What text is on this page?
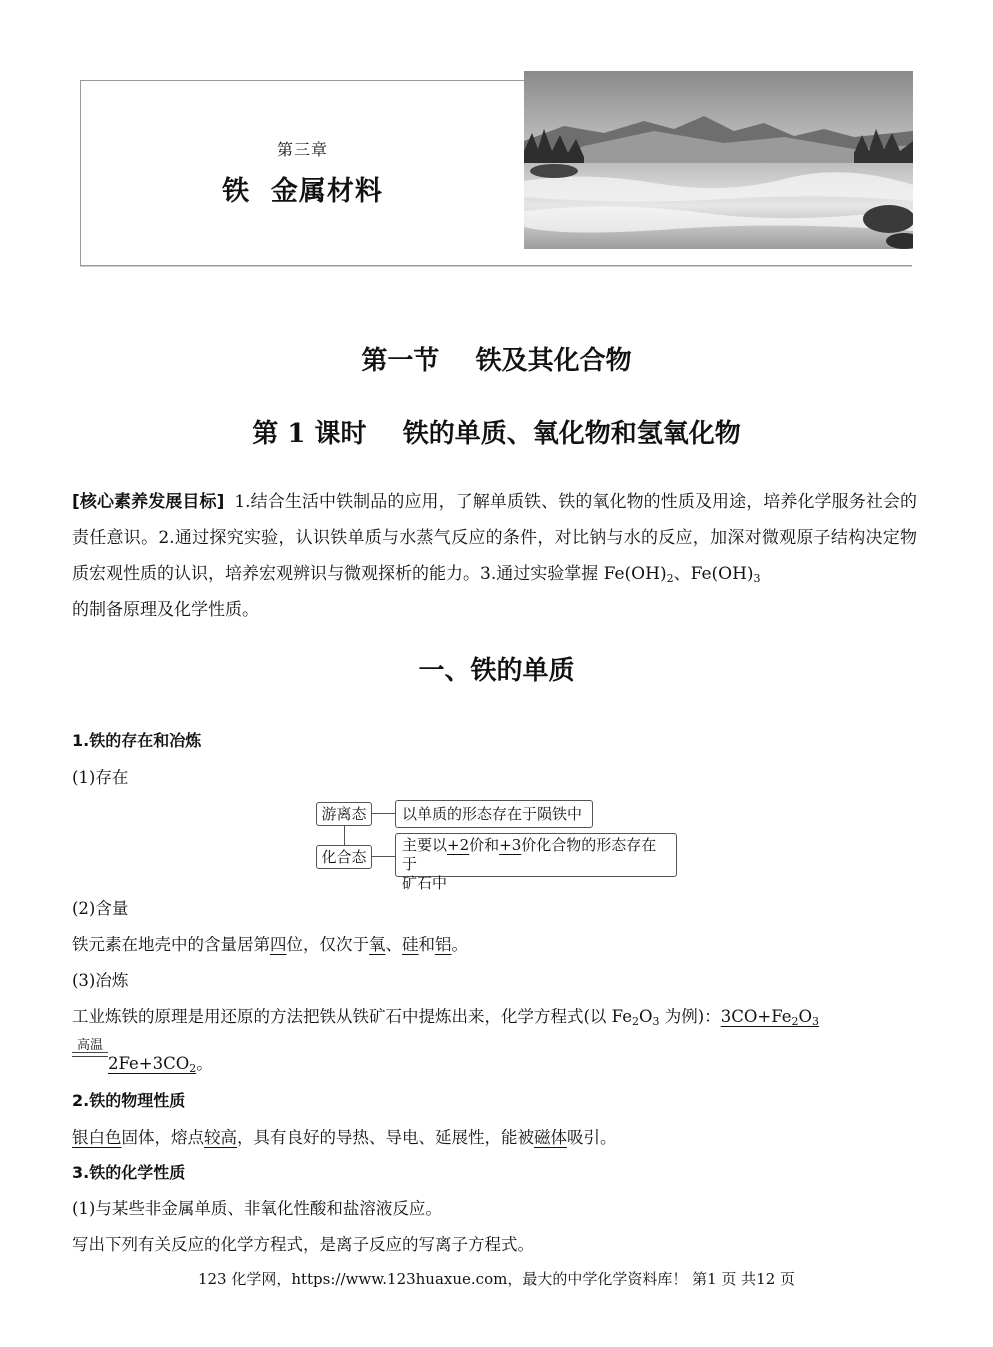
第三章
铁  金属材料
第一节    铁及其化合物
第 1 课时    铁的单质、氧化物和氢氧化物
[核心素养发展目标] 1.结合生活中铁制品的应用，了解单质铁、铁的氧化物的性质及用途，培养化学服务社会的责任意识。2.通过探究实验，认识铁单质与水蒸气反应的条件，对比钠与水的反应，加深对微观原子结构决定物质宏观性质的认识，培养宏观辨识与微观探析的能力。3.通过实验掌握 $Fe(OH)_2$、$Fe(OH)_3$
的制备原理及化学性质。
一、铁的单质
1.铁的存在和冶炼
(1)存在
游离态	以单质的形态存在于陨铁中
化合态
主要以+2价和+3价化合物的形态存在于
矿石中
(2)含量
铁元素在地壳中的含量居第四位，仅次于氧、硅和铝。
(3)冶炼
工业炼铁的原理是用还原的方法把铁从铁矿石中提炼出来，化学方程式(以 $Fe_2O_3$ 为例)：$3CO+Fe_2O_3$
高温
$2Fe+3CO_2$。
2.铁的物理性质
银白色固体，熔点较高，具有良好的导热、导电、延展性，能被磁体吸引。
3.铁的化学性质
(1)与某些非金属单质、非氧化性酸和盐溶液反应。
写出下列有关反应的化学方程式，是离子反应的写离子方程式。
123 化学网，https://www.123huaxue.com，最大的中学化学资料库！ 第1 页 共12 页
